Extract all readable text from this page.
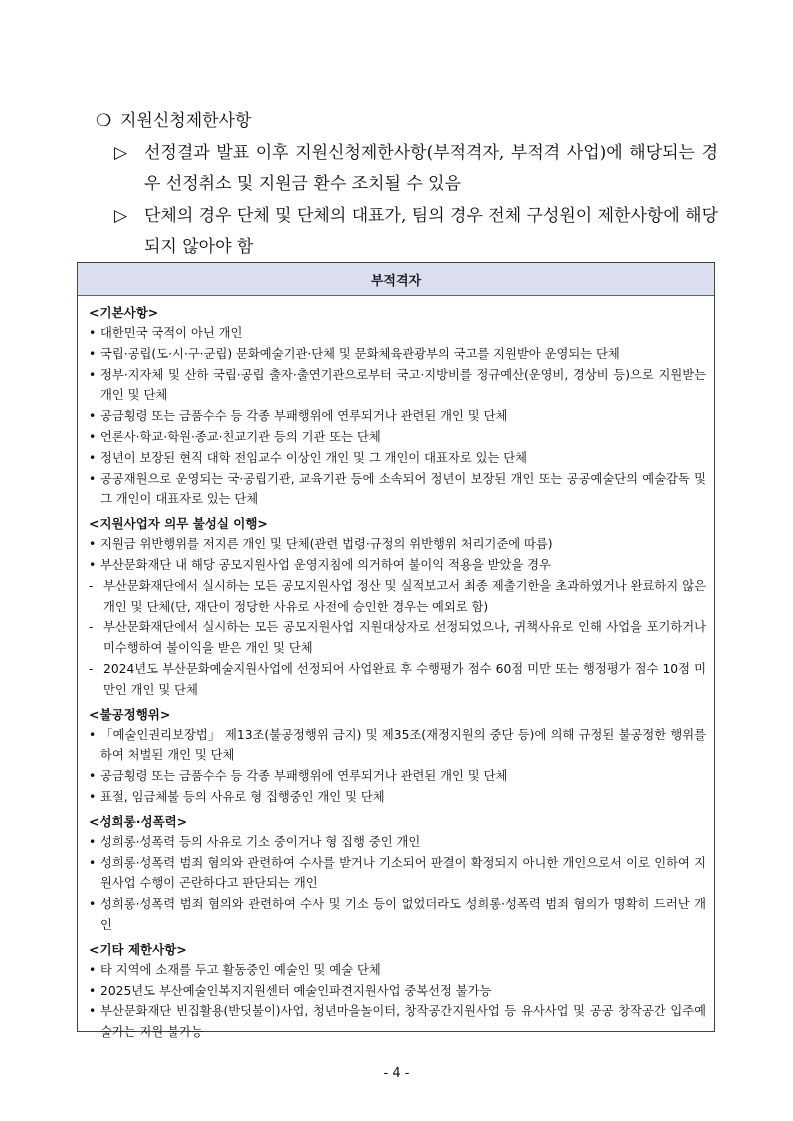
❍ 지원신청제한사항
▷ 선정결과 발표 이후 지원신청제한사항(부적격자, 부적격 사업)에 해당되는 경우 선정취소 및 지원금 환수 조치될 수 있음
▷ 단체의 경우 단체 및 단체의 대표가, 팀의 경우 전체 구성원이 제한사항에 해당되지 않아야 함
부적격자
<기본사항>
• 대한민국 국적이 아닌 개인
• 국립·공립(도·시·구·군립) 문화예술기관·단체 및 문화체육관광부의 국고를 지원받아 운영되는 단체
• 정부·지자체 및 산하 국립·공립 출자·출연기관으로부터 국고·지방비를 정규예산(운영비, 경상비 등)으로 지원받는 개인 및 단체
• 공금횡령 또는 금품수수 등 각종 부패행위에 연루되거나 관련된 개인 및 단체
• 언론사·학교·학원·종교·친교기관 등의 기관 또는 단체
• 정년이 보장된 현직 대학 전임교수 이상인 개인 및 그 개인이 대표자로 있는 단체
• 공공재원으로 운영되는 국·공립기관, 교육기관 등에 소속되어 정년이 보장된 개인 또는 공공예술단의 예술감독 및 그 개인이 대표자로 있는 단체
<지원사업자 의무 불성실 이행>
• 지원금 위반행위를 저지른 개인 및 단체(관련 법령·규정의 위반행위 처리기준에 따름)
• 부산문화재단 내 해당 공모지원사업 운영지침에 의거하여 불이익 적용을 받았을 경우
- 부산문화재단에서 실시하는 모든 공모지원사업 정산 및 실적보고서 최종 제출기한을 초과하였거나 완료하지 않은 개인 및 단체(단, 재단이 정당한 사유로 사전에 승인한 경우는 예외로 함)
- 부산문화재단에서 실시하는 모든 공모지원사업 지원대상자로 선정되었으나, 귀책사유로 인해 사업을 포기하거나 미수행하여 불이익을 받은 개인 및 단체
- 2024년도 부산문화예술지원사업에 선정되어 사업완료 후 수행평가 점수 60점 미만 또는 행정평가 점수 10점 미만인 개인 및 단체
<불공정행위>
• 「예술인권리보장법」 제13조(불공정행위 금지) 및 제35조(재정지원의 중단 등)에 의해 규정된 불공정한 행위를 하여 처벌된 개인 및 단체
• 공금횡령 또는 금품수수 등 각종 부패행위에 연루되거나 관련된 개인 및 단체
• 표절, 임금체불 등의 사유로 형 집행중인 개인 및 단체
<성희롱·성폭력>
• 성희롱·성폭력 등의 사유로 기소 중이거나 형 집행 중인 개인
• 성희롱·성폭력 범죄 혐의와 관련하여 수사를 받거나 기소되어 판결이 확정되지 아니한 개인으로서 이로 인하여 지원사업 수행이 곤란하다고 판단되는 개인
• 성희롱·성폭력 범죄 혐의와 관련하여 수사 및 기소 등이 없었더라도 성희롱·성폭력 범죄 혐의가 명확히 드러난 개인
<기타 제한사항>
• 타 지역에 소재를 두고 활동중인 예술인 및 예술 단체
• 2025년도 부산예술인복지지원센터 예술인파견지원사업 중복선정 불가능
• 부산문화재단 빈집활용(반딧불이)사업, 청년마을놀이터, 창작공간지원사업 등 유사사업 및 공공 창작공간 입주예술가는 지원 불가능
- 4 -
